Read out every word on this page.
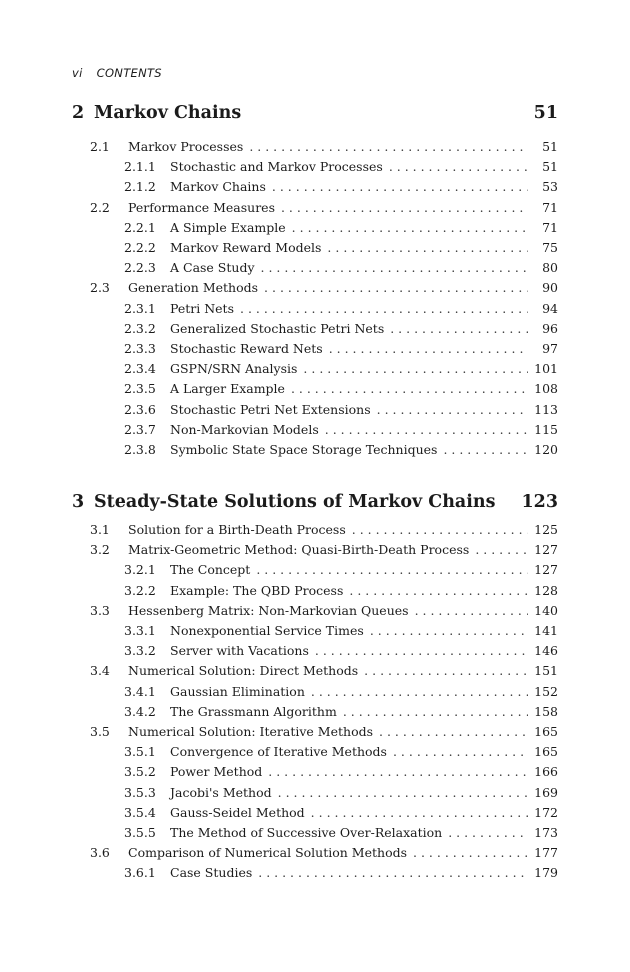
vi CONTENTS
2 Markov Chains	51
2.1	Markov Processes . . .	51
2.1.1	Stochastic and Markov Processes . . .	51
2.1.2	Markov Chains . . .	53
2.2	Performance Measures . . .	71
2.2.1	A Simple Example . . .	71
2.2.2	Markov Reward Models . . .	75
2.2.3	A Case Study . . .	80
2.3	Generation Methods . . .	90
2.3.1	Petri Nets . . .	94
2.3.2	Generalized Stochastic Petri Nets . . .	96
2.3.3	Stochastic Reward Nets . . .	97
2.3.4	GSPN/SRN Analysis . . .	101
2.3.5	A Larger Example . . .	108
2.3.6	Stochastic Petri Net Extensions . . .	113
2.3.7	Non-Markovian Models . . .	115
2.3.8	Symbolic State Space Storage Techniques . . .	120
3 Steady-State Solutions of Markov Chains	123
3.1	Solution for a Birth-Death Process . . .	125
3.2	Matrix-Geometric Method: Quasi-Birth-Death Process . . .	127
3.2.1	The Concept . . .	127
3.2.2	Example: The QBD Process . . .	128
3.3	Hessenberg Matrix: Non-Markovian Queues . . .	140
3.3.1	Nonexponential Service Times . . .	141
3.3.2	Server with Vacations . . .	146
3.4	Numerical Solution: Direct Methods . . .	151
3.4.1	Gaussian Elimination . . .	152
3.4.2	The Grassmann Algorithm . . .	158
3.5	Numerical Solution: Iterative Methods . . .	165
3.5.1	Convergence of Iterative Methods . . .	165
3.5.2	Power Method . . .	166
3.5.3	Jacobi's Method . . .	169
3.5.4	Gauss-Seidel Method . . .	172
3.5.5	The Method of Successive Over-Relaxation . . .	173
3.6	Comparison of Numerical Solution Methods . . .	177
3.6.1	Case Studies . . .	179
